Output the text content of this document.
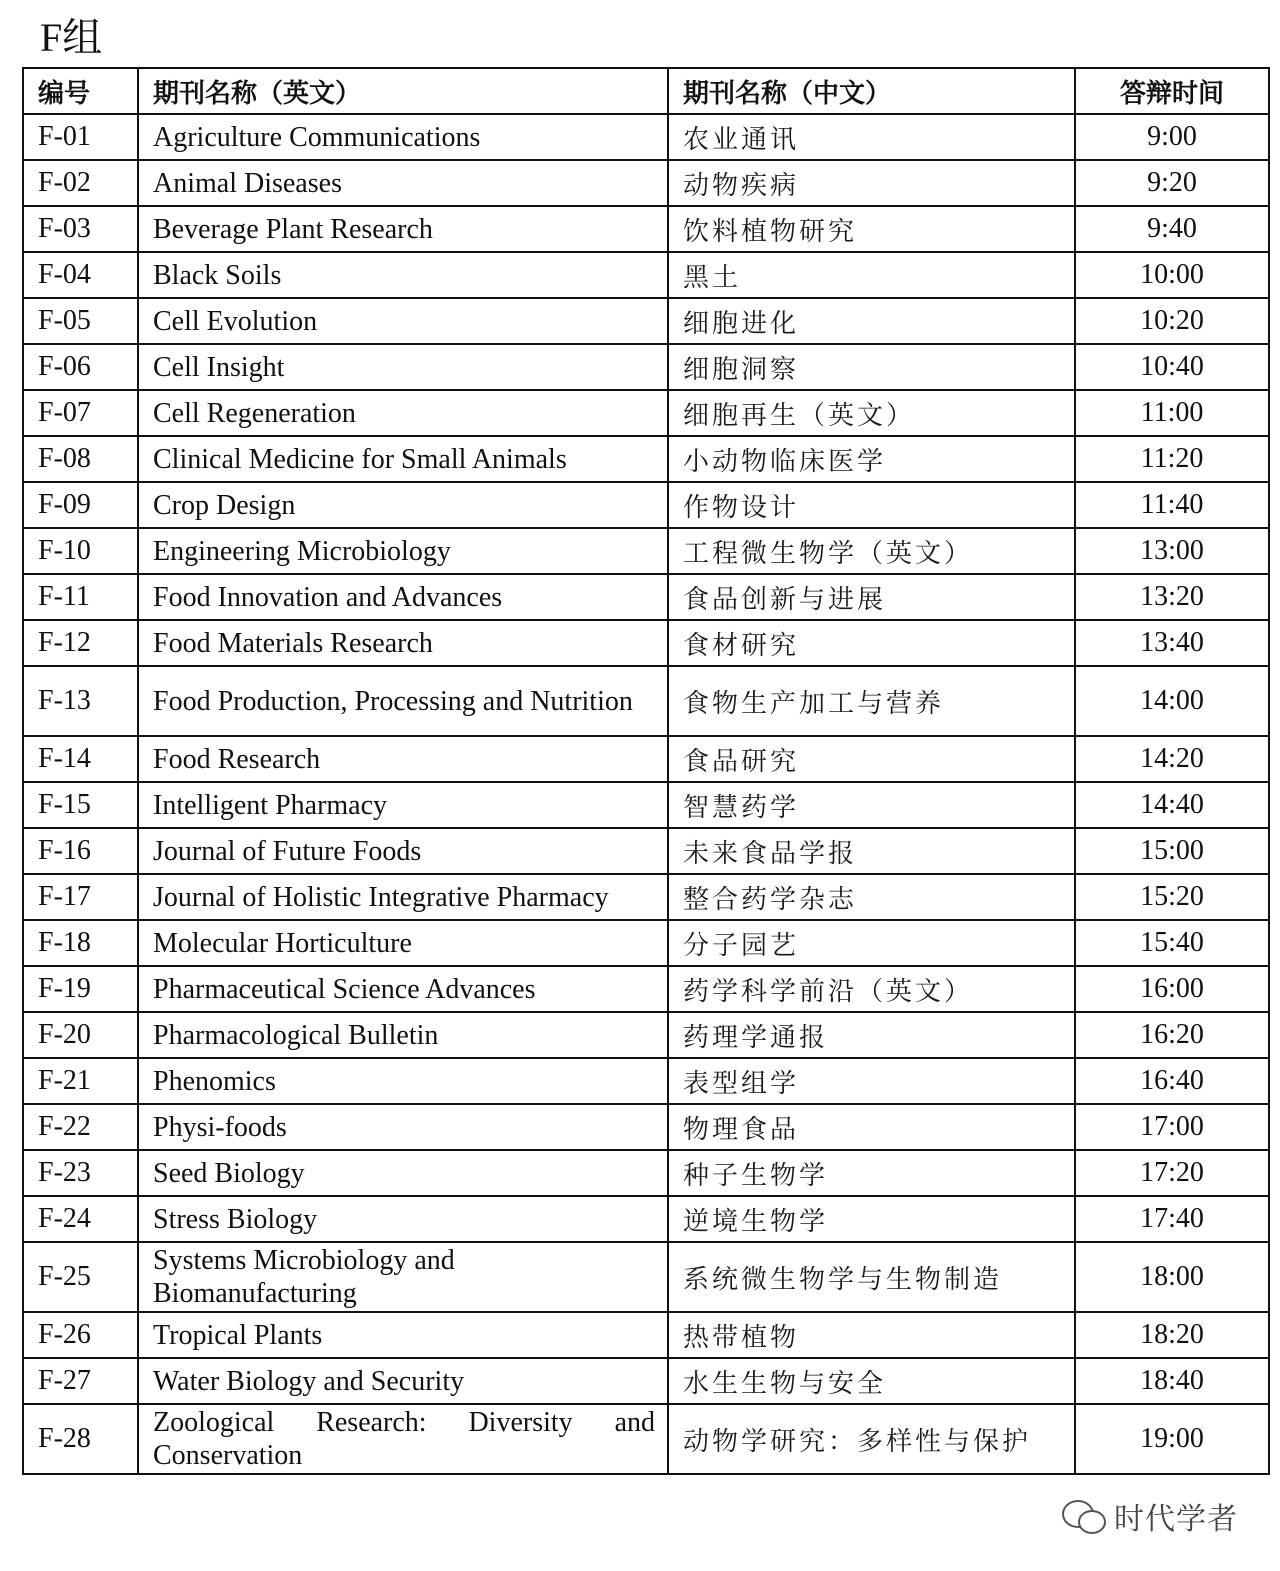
F组
编号	期刊名称（英文）	期刊名称（中文）	答辩时间
F-01	Agriculture Communications	农业通讯	9:00
F-02	Animal Diseases	动物疾病	9:20
F-03	Beverage Plant Research	饮料植物研究	9:40
F-04	Black Soils	黑土	10:00
F-05	Cell Evolution	细胞进化	10:20
F-06	Cell Insight	细胞洞察	10:40
F-07	Cell Regeneration	细胞再生（英文）	11:00
F-08	Clinical Medicine for Small Animals	小动物临床医学	11:20
F-09	Crop Design	作物设计	11:40
F-10	Engineering Microbiology	工程微生物学（英文）	13:00
F-11	Food Innovation and Advances	食品创新与进展	13:20
F-12	Food Materials Research	食材研究	13:40
F-13	Food Production, Processing and Nutrition	食物生产加工与营养	14:00
F-14	Food Research	食品研究	14:20
F-15	Intelligent Pharmacy	智慧药学	14:40
F-16	Journal of Future Foods	未来食品学报	15:00
F-17	Journal of Holistic Integrative Pharmacy	整合药学杂志	15:20
F-18	Molecular Horticulture	分子园艺	15:40
F-19	Pharmaceutical Science Advances	药学科学前沿（英文）	16:00
F-20	Pharmacological Bulletin	药理学通报	16:20
F-21	Phenomics	表型组学	16:40
F-22	Physi-foods	物理食品	17:00
F-23	Seed Biology	种子生物学	17:20
F-24	Stress Biology	逆境生物学	17:40
F-25	Systems Microbiology and Biomanufacturing	系统微生物学与生物制造	18:00
F-26	Tropical Plants	热带植物	18:20
F-27	Water Biology and Security	水生生物与安全	18:40
F-28	Zoological Research: Diversity and Conservation	动物学研究：多样性与保护	19:00
时代学者
